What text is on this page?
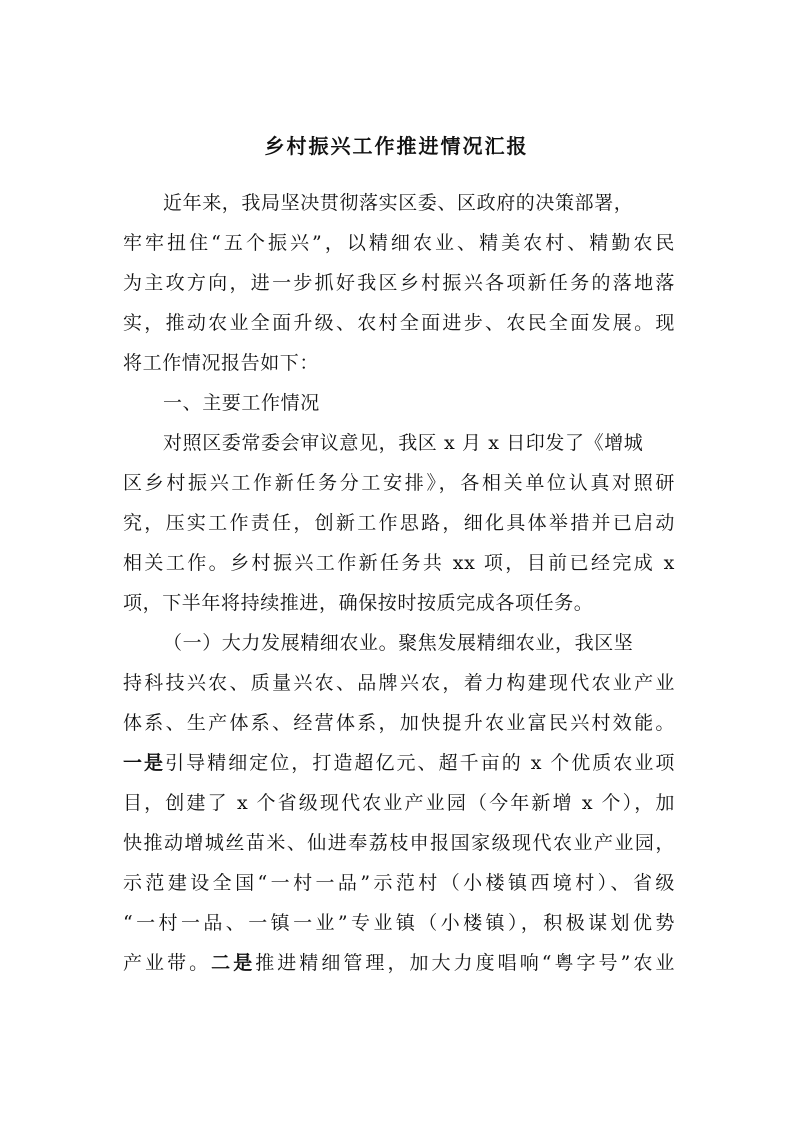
乡村振兴工作推进情况汇报
近年来，我局坚决贯彻落实区委、区政府的决策部署，
牢牢扭住“五个振兴”，以精细农业、精美农村、精勤农民
为主攻方向，进一步抓好我区乡村振兴各项新任务的落地落
实，推动农业全面升级、农村全面进步、农民全面发展。现
将工作情况报告如下：
一、主要工作情况
对照区委常委会审议意见，我区 x 月 x 日印发了《增城
区乡村振兴工作新任务分工安排》，各相关单位认真对照研
究，压实工作责任，创新工作思路，细化具体举措并已启动
相关工作。乡村振兴工作新任务共 xx 项，目前已经完成 x
项，下半年将持续推进，确保按时按质完成各项任务。
（一）大力发展精细农业。聚焦发展精细农业，我区坚
持科技兴农、质量兴农、品牌兴农，着力构建现代农业产业
体系、生产体系、经营体系，加快提升农业富民兴村效能。
一是引导精细定位，打造超亿元、超千亩的 x 个优质农业项
目，创建了 x 个省级现代农业产业园（今年新增 x 个），加
快推动增城丝苗米、仙进奉荔枝申报国家级现代农业产业园，
示范建设全国“一村一品”示范村（小楼镇西境村）、省级
“一村一品、一镇一业”专业镇（小楼镇），积极谋划优势
产业带。二是推进精细管理，加大力度唱响“粤字号”农业
